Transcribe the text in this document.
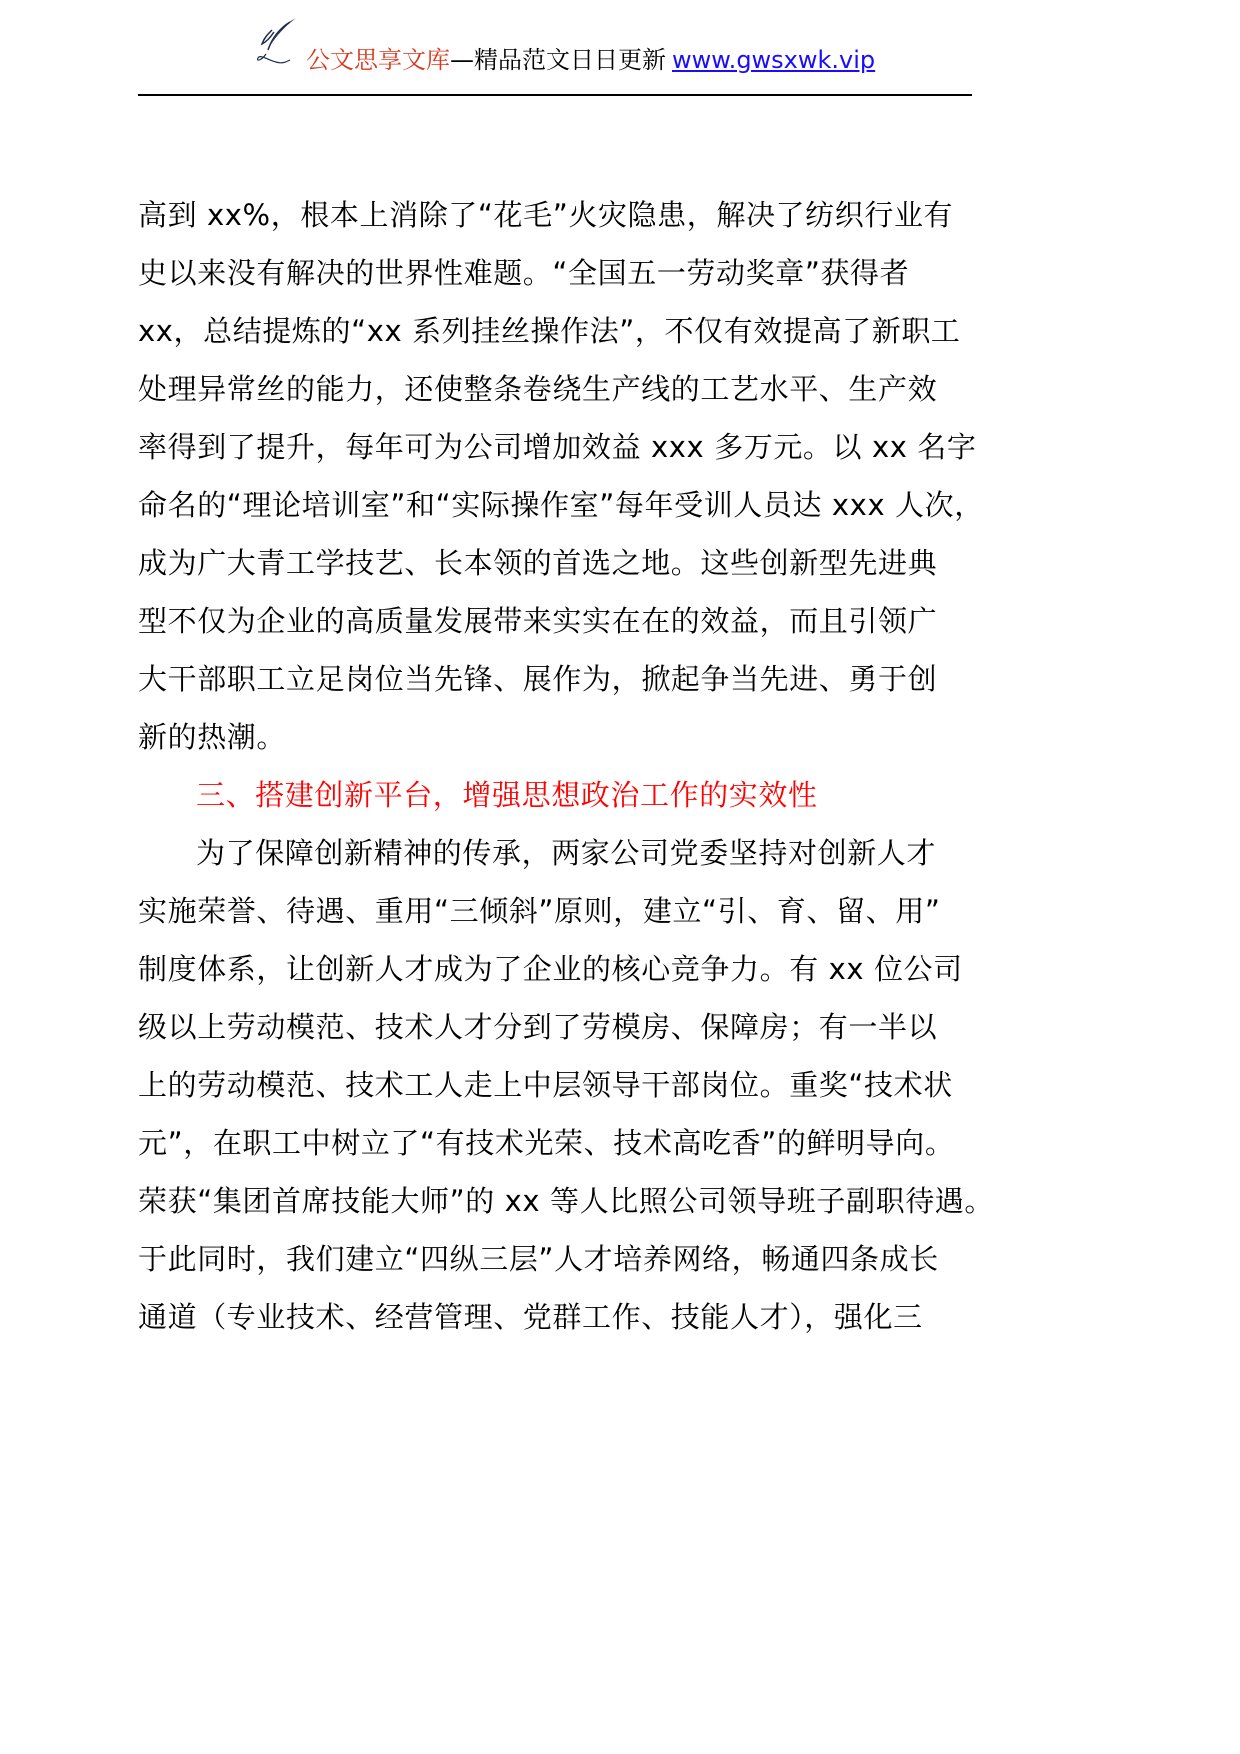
公文思享文库—精品范文日日更新 www.gwsxwk.vip
高到 xx%，根本上消除了“花毛”火灾隐患，解决了纺织行业有
史以来没有解决的世界性难题。“全国五一劳动奖章”获得者
xx，总结提炼的“xx 系列挂丝操作法”，不仅有效提高了新职工
处理异常丝的能力，还使整条卷绕生产线的工艺水平、生产效
率得到了提升，每年可为公司增加效益 xxx 多万元。以 xx 名字
命名的“理论培训室”和“实际操作室”每年受训人员达 xxx 人次，
成为广大青工学技艺、长本领的首选之地。这些创新型先进典
型不仅为企业的高质量发展带来实实在在的效益，而且引领广
大干部职工立足岗位当先锋、展作为，掀起争当先进、勇于创
新的热潮。
三、搭建创新平台，增强思想政治工作的实效性
为了保障创新精神的传承，两家公司党委坚持对创新人才
实施荣誉、待遇、重用“三倾斜”原则，建立“引、育、留、用”
制度体系，让创新人才成为了企业的核心竞争力。有 xx 位公司
级以上劳动模范、技术人才分到了劳模房、保障房；有一半以
上的劳动模范、技术工人走上中层领导干部岗位。重奖“技术状
元”，在职工中树立了“有技术光荣、技术高吃香”的鲜明导向。
荣获“集团首席技能大师”的 xx 等人比照公司领导班子副职待遇。
于此同时，我们建立“四纵三层”人才培养网络，畅通四条成长
通道（专业技术、经营管理、党群工作、技能人才），强化三
